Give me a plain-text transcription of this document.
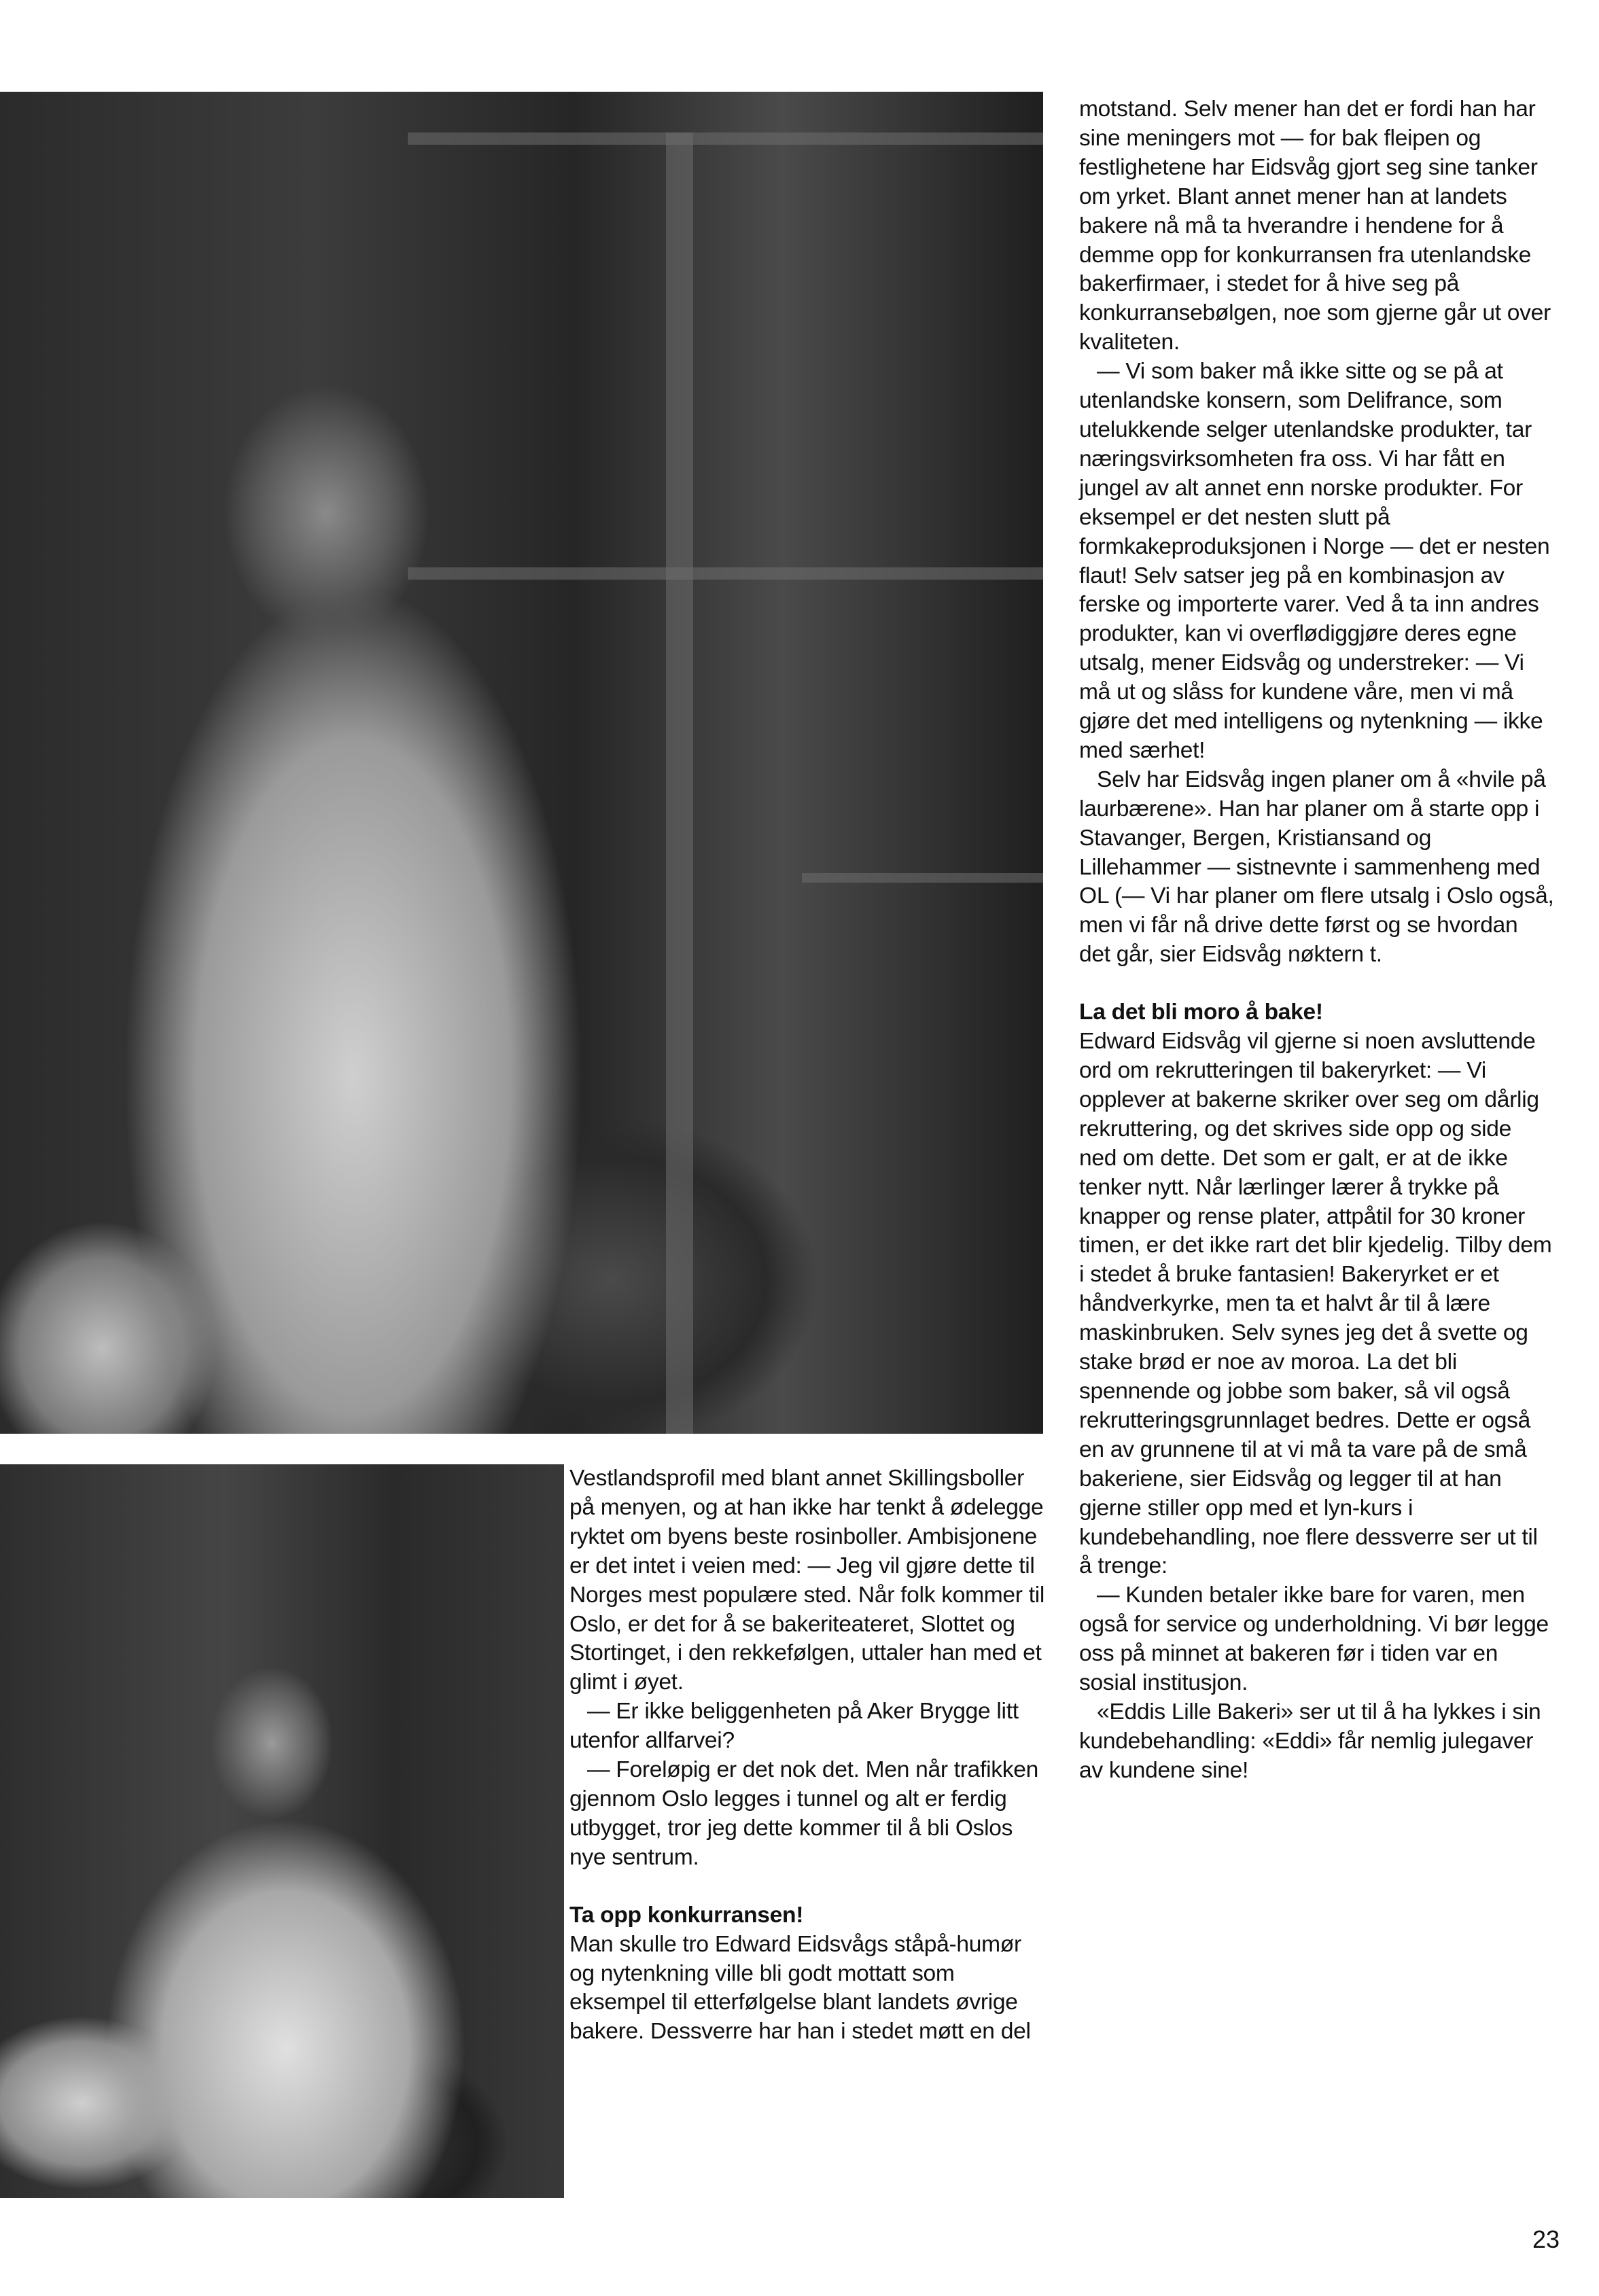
motstand. Selv mener han det er fordi han har sine meningers mot — for bak fleipen og festlighetene har Eidsvåg gjort seg sine tanker om yrket. Blant annet mener han at landets bakere nå må ta hverandre i hendene for å demme opp for konkurransen fra utenlandske bakerfirmaer, i stedet for å hive seg på konkurransebølgen, noe som gjerne går ut over kvaliteten.

— Vi som baker må ikke sitte og se på at utenlandske konsern, som Delifrance, som utelukkende selger utenlandske produkter, tar næringsvirksomheten fra oss. Vi har fått en jungel av alt annet enn norske produkter. For eksempel er det nesten slutt på formkakeproduksjonen i Norge — det er nesten flaut! Selv satser jeg på en kombinasjon av ferske og importerte varer. Ved å ta inn andres produkter, kan vi overflødiggjøre deres egne utsalg, mener Eidsvåg og understreker: — Vi må ut og slåss for kundene våre, men vi må gjøre det med intelligens og nytenkning — ikke med særhet!

Selv har Eidsvåg ingen planer om å «hvile på laurbærene». Han har planer om å starte opp i Stavanger, Bergen, Kristiansand og Lillehammer — sistnevnte i sammenheng med OL (— Vi har planer om flere utsalg i Oslo også, men vi får nå drive dette først og se hvordan det går, sier Eidsvåg nøktern t.

La det bli moro å bake!

Edward Eidsvåg vil gjerne si noen avsluttende ord om rekrutteringen til bakeryrket: — Vi opplever at bakerne skriker over seg om dårlig rekruttering, og det skrives side opp og side ned om dette. Det som er galt, er at de ikke tenker nytt. Når lærlinger lærer å trykke på knapper og rense plater, attpåtil for 30 kroner timen, er det ikke rart det blir kjedelig. Tilby dem i stedet å bruke fantasien! Bakeryrket er et håndverkyrke, men ta et halvt år til å lære maskinbruken. Selv synes jeg det å svette og stake brød er noe av moroa. La det bli spennende og jobbe som baker, så vil også rekrutteringsgrunnlaget bedres. Dette er også en av grunnene til at vi må ta vare på de små bakeriene, sier Eidsvåg og legger til at han gjerne stiller opp med et lyn-kurs i kundebehandling, noe flere dessverre ser ut til å trenge:

— Kunden betaler ikke bare for varen, men også for service og underholdning. Vi bør legge oss på minnet at bakeren før i tiden var en sosial institusjon.

«Eddis Lille Bakeri» ser ut til å ha lykkes i sin kundebehandling: «Eddi» får nemlig julegaver av kundene sine!

Vestlandsprofil med blant annet Skillingsboller på menyen, og at han ikke har tenkt å ødelegge ryktet om byens beste rosinboller. Ambisjonene er det intet i veien med: — Jeg vil gjøre dette til Norges mest populære sted. Når folk kommer til Oslo, er det for å se bakeriteateret, Slottet og Stortinget, i den rekkefølgen, uttaler han med et glimt i øyet.

— Er ikke beliggenheten på Aker Brygge litt utenfor allfarvei?

— Foreløpig er det nok det. Men når trafikken gjennom Oslo legges i tunnel og alt er ferdig utbygget, tror jeg dette kommer til å bli Oslos nye sentrum.

Ta opp konkurransen!

Man skulle tro Edward Eidsvågs ståpå-humør og nytenkning ville bli godt mottatt som eksempel til etterfølgelse blant landets øvrige bakere. Dessverre har han i stedet møtt en del

23
